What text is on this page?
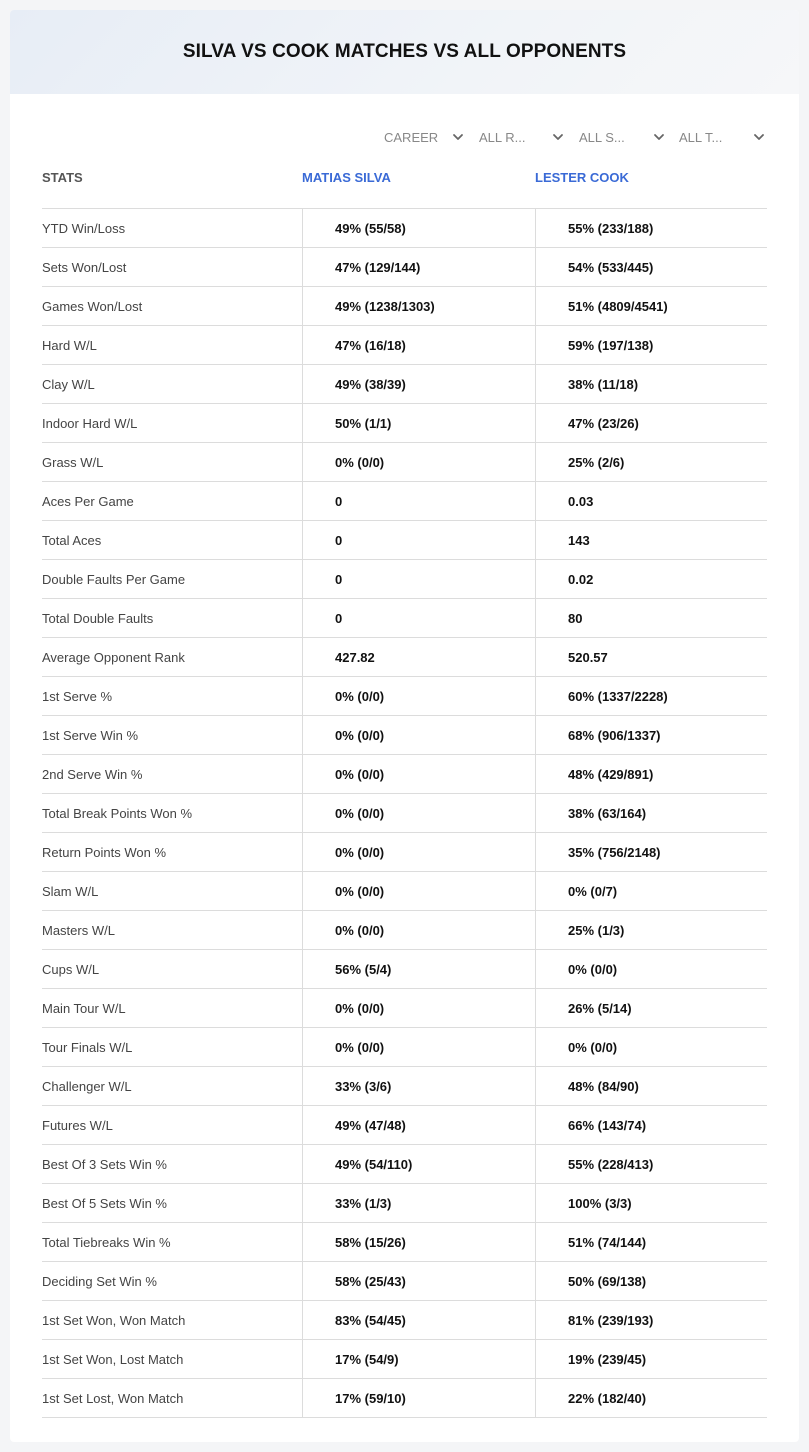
SILVA VS COOK MATCHES VS ALL OPPONENTS
CAREER	ALL R...	ALL S...	ALL T...
STATS	MATIAS SILVA	LESTER COOK
YTD Win/Loss	49% (55/58)	55% (233/188)
Sets Won/Lost	47% (129/144)	54% (533/445)
Games Won/Lost	49% (1238/1303)	51% (4809/4541)
Hard W/L	47% (16/18)	59% (197/138)
Clay W/L	49% (38/39)	38% (11/18)
Indoor Hard W/L	50% (1/1)	47% (23/26)
Grass W/L	0% (0/0)	25% (2/6)
Aces Per Game	0	0.03
Total Aces	0	143
Double Faults Per Game	0	0.02
Total Double Faults	0	80
Average Opponent Rank	427.82	520.57
1st Serve %	0% (0/0)	60% (1337/2228)
1st Serve Win %	0% (0/0)	68% (906/1337)
2nd Serve Win %	0% (0/0)	48% (429/891)
Total Break Points Won %	0% (0/0)	38% (63/164)
Return Points Won %	0% (0/0)	35% (756/2148)
Slam W/L	0% (0/0)	0% (0/7)
Masters W/L	0% (0/0)	25% (1/3)
Cups W/L	56% (5/4)	0% (0/0)
Main Tour W/L	0% (0/0)	26% (5/14)
Tour Finals W/L	0% (0/0)	0% (0/0)
Challenger W/L	33% (3/6)	48% (84/90)
Futures W/L	49% (47/48)	66% (143/74)
Best Of 3 Sets Win %	49% (54/110)	55% (228/413)
Best Of 5 Sets Win %	33% (1/3)	100% (3/3)
Total Tiebreaks Win %	58% (15/26)	51% (74/144)
Deciding Set Win %	58% (25/43)	50% (69/138)
1st Set Won, Won Match	83% (54/45)	81% (239/193)
1st Set Won, Lost Match	17% (54/9)	19% (239/45)
1st Set Lost, Won Match	17% (59/10)	22% (182/40)
